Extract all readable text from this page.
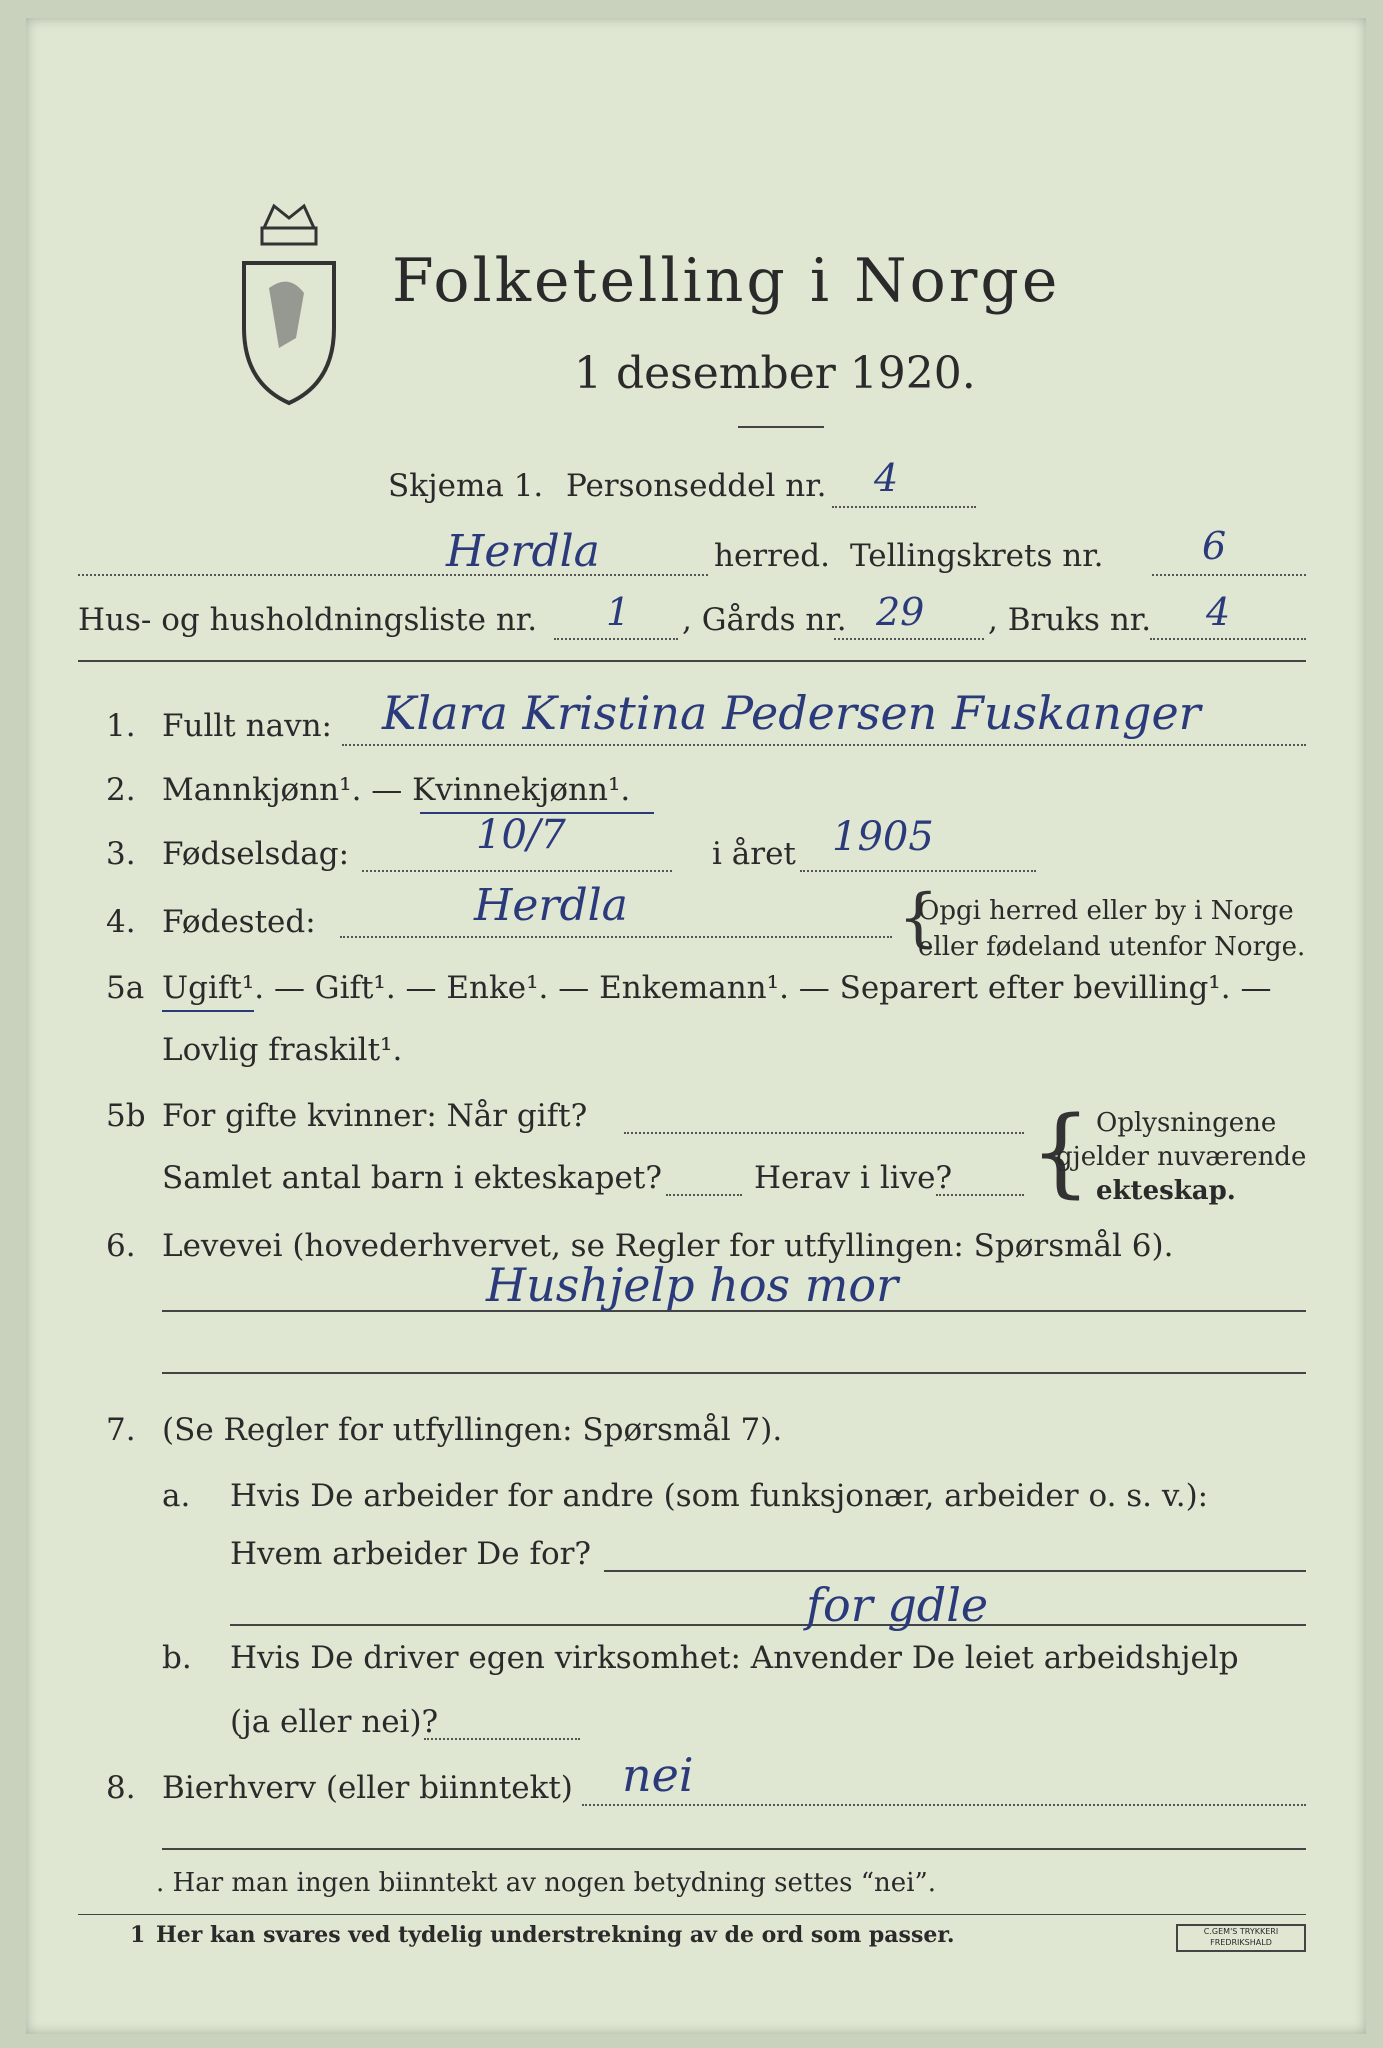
Folketelling i Norge
1 desember 1920.
Skjema 1. Personseddel nr. 4
Herdla	herred. Tellingskrets nr.	6
Hus- og husholdningsliste nr. 1 , Gårds nr. 29 , Bruks nr. 4
1. Fullt navn: Klara Kristina Pedersen Fuskanger
2. Mannkjønn¹. — Kvinnekjønn¹.
3. Fødselsdag:	10/7	i året 1905
4. Fødested:	Herdla	{
Opgi herred eller by i Norge
eller fødeland utenfor Norge.
5a Ugift¹. — Gift¹. — Enke¹. — Enkemann¹. — Separert efter bevilling¹. —
Lovlig fraskilt¹.
5b For gifte kvinner: Når gift?
Samlet antal barn i ekteskapet?	Herav i live? { Oplysningene
gjelder nuværende
ekteskap.
6. Levevei (hovederhvervet, se Regler for utfyllingen: Spørsmål 6).
Hushjelp hos mor
7. (Se Regler for utfyllingen: Spørsmål 7).
a. Hvis De arbeider for andre (som funksjonær, arbeider o. s. v.):
Hvem arbeider De for?
for gdle
b. Hvis De driver egen virksomhet: Anvender De leiet arbeidshjelp
(ja eller nei)?
8. Bierhverv (eller biinntekt) nei
. Har man ingen biinntekt av nogen betydning settes “nei”.
1 Her kan svares ved tydelig understrekning av de ord som passer.	C.GEM'S TRYKKERI FREDRIKSHALD
